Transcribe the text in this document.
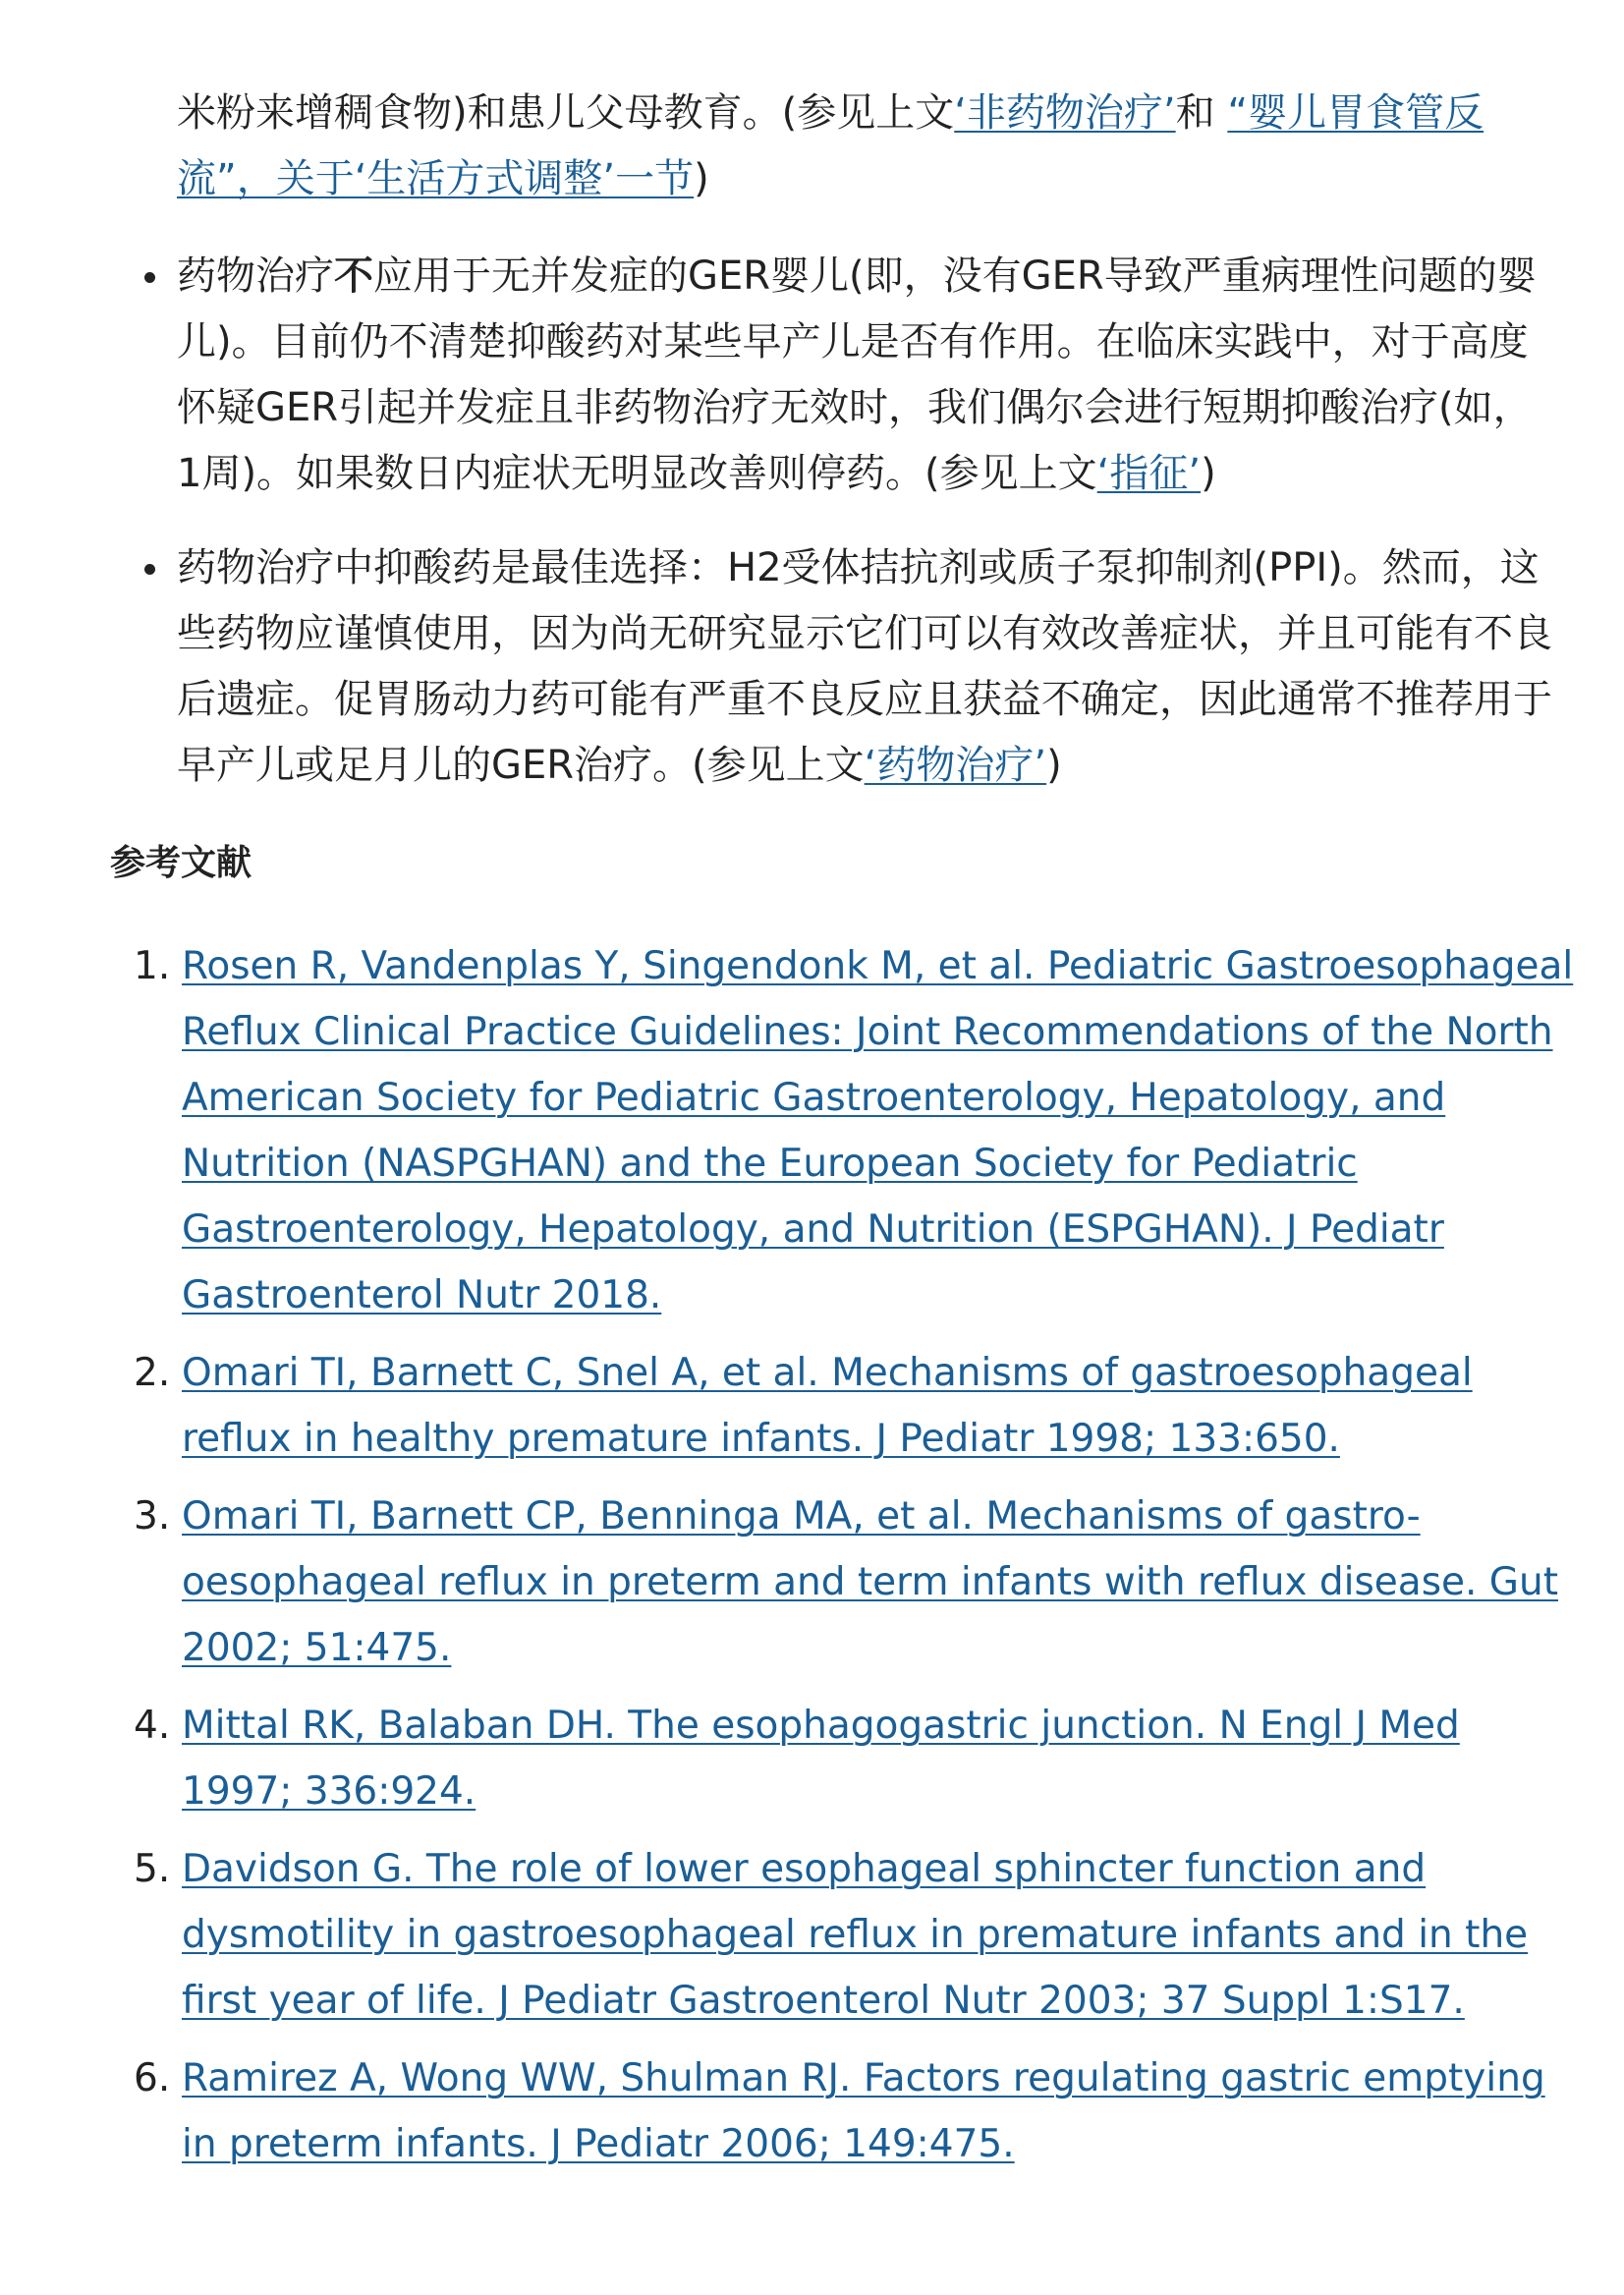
米粉来增稠食物)和患儿父母教育。(参见上文‘非药物治疗’和 “婴儿胃食管反流”，关于‘生活方式调整’一节)

药物治疗不应用于无并发症的GER婴儿(即，没有GER导致严重病理性问题的婴儿)。目前仍不清楚抑酸药对某些早产儿是否有作用。在临床实践中，对于高度怀疑GER引起并发症且非药物治疗无效时，我们偶尔会进行短期抑酸治疗(如，1周)。如果数日内症状无明显改善则停药。(参见上文‘指征’)
药物治疗中抑酸药是最佳选择：H2受体拮抗剂或质子泵抑制剂(PPI)。然而，这些药物应谨慎使用，因为尚无研究显示它们可以有效改善症状，并且可能有不良后遗症。促胃肠动力药可能有严重不良反应且获益不确定，因此通常不推荐用于早产儿或足月儿的GER治疗。(参见上文‘药物治疗’)
参考文献
1. Rosen R, Vandenplas Y, Singendonk M, et al. Pediatric Gastroesophageal Reflux Clinical Practice Guidelines: Joint Recommendations of the North American Society for Pediatric Gastroenterology, Hepatology, and Nutrition (NASPGHAN) and the European Society for Pediatric Gastroenterology, Hepatology, and Nutrition (ESPGHAN). J Pediatr Gastroenterol Nutr 2018.
2. Omari TI, Barnett C, Snel A, et al. Mechanisms of gastroesophageal reflux in healthy premature infants. J Pediatr 1998; 133:650.
3. Omari TI, Barnett CP, Benninga MA, et al. Mechanisms of gastro-oesophageal reflux in preterm and term infants with reflux disease. Gut 2002; 51:475.
4. Mittal RK, Balaban DH. The esophagogastric junction. N Engl J Med 1997; 336:924.
5. Davidson G. The role of lower esophageal sphincter function and dysmotility in gastroesophageal reflux in premature infants and in the first year of life. J Pediatr Gastroenterol Nutr 2003; 37 Suppl 1:S17.
6. Ramirez A, Wong WW, Shulman RJ. Factors regulating gastric emptying in preterm infants. J Pediatr 2006; 149:475.
